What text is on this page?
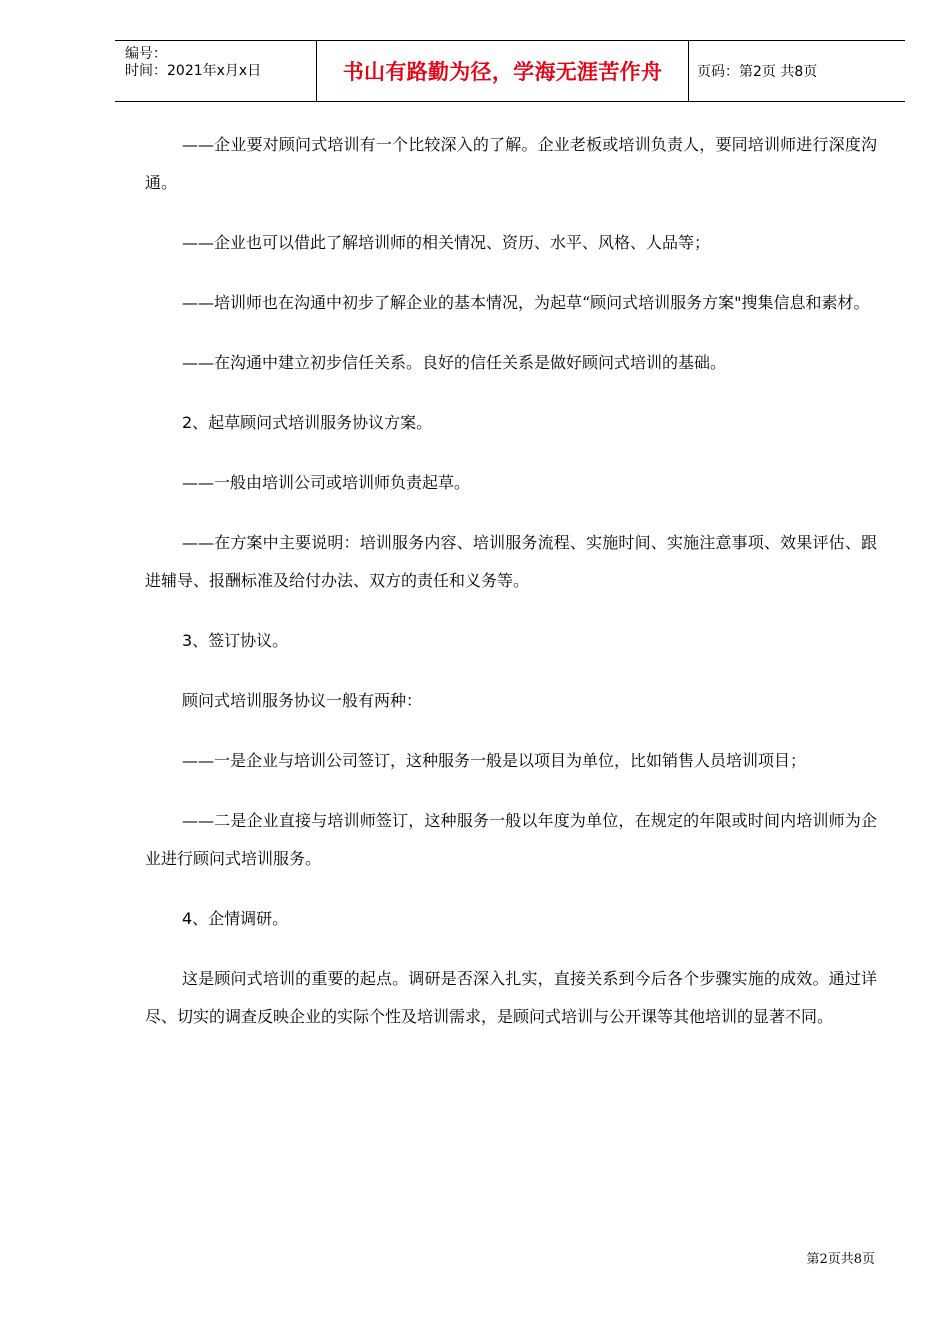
编号：
时间：2021年x月x日	书山有路勤为径，学海无涯苦作舟 页码：第2页 共8页

——企业要对顾问式培训有一个比较深入的了解。企业老板或培训负责人，要同培训师进行深度沟通。

——企业也可以借此了解培训师的相关情况、资历、水平、风格、人品等；

——培训师也在沟通中初步了解企业的基本情况，为起草“顾问式培训服务方案"搜集信息和素材。

——在沟通中建立初步信任关系。良好的信任关系是做好顾问式培训的基础。

2、起草顾问式培训服务协议方案。

——一般由培训公司或培训师负责起草。

——在方案中主要说明：培训服务内容、培训服务流程、实施时间、实施注意事项、效果评估、跟进辅导、报酬标准及给付办法、双方的责任和义务等。

3、签订协议。

顾问式培训服务协议一般有两种：

——一是企业与培训公司签订，这种服务一般是以项目为单位，比如销售人员培训项目；

——二是企业直接与培训师签订，这种服务一般以年度为单位，在规定的年限或时间内培训师为企业进行顾问式培训服务。

4、企情调研。

这是顾问式培训的重要的起点。调研是否深入扎实，直接关系到今后各个步骤实施的成效。通过详尽、切实的调查反映企业的实际个性及培训需求，是顾问式培训与公开课等其他培训的显著不同。

第2页共8页
